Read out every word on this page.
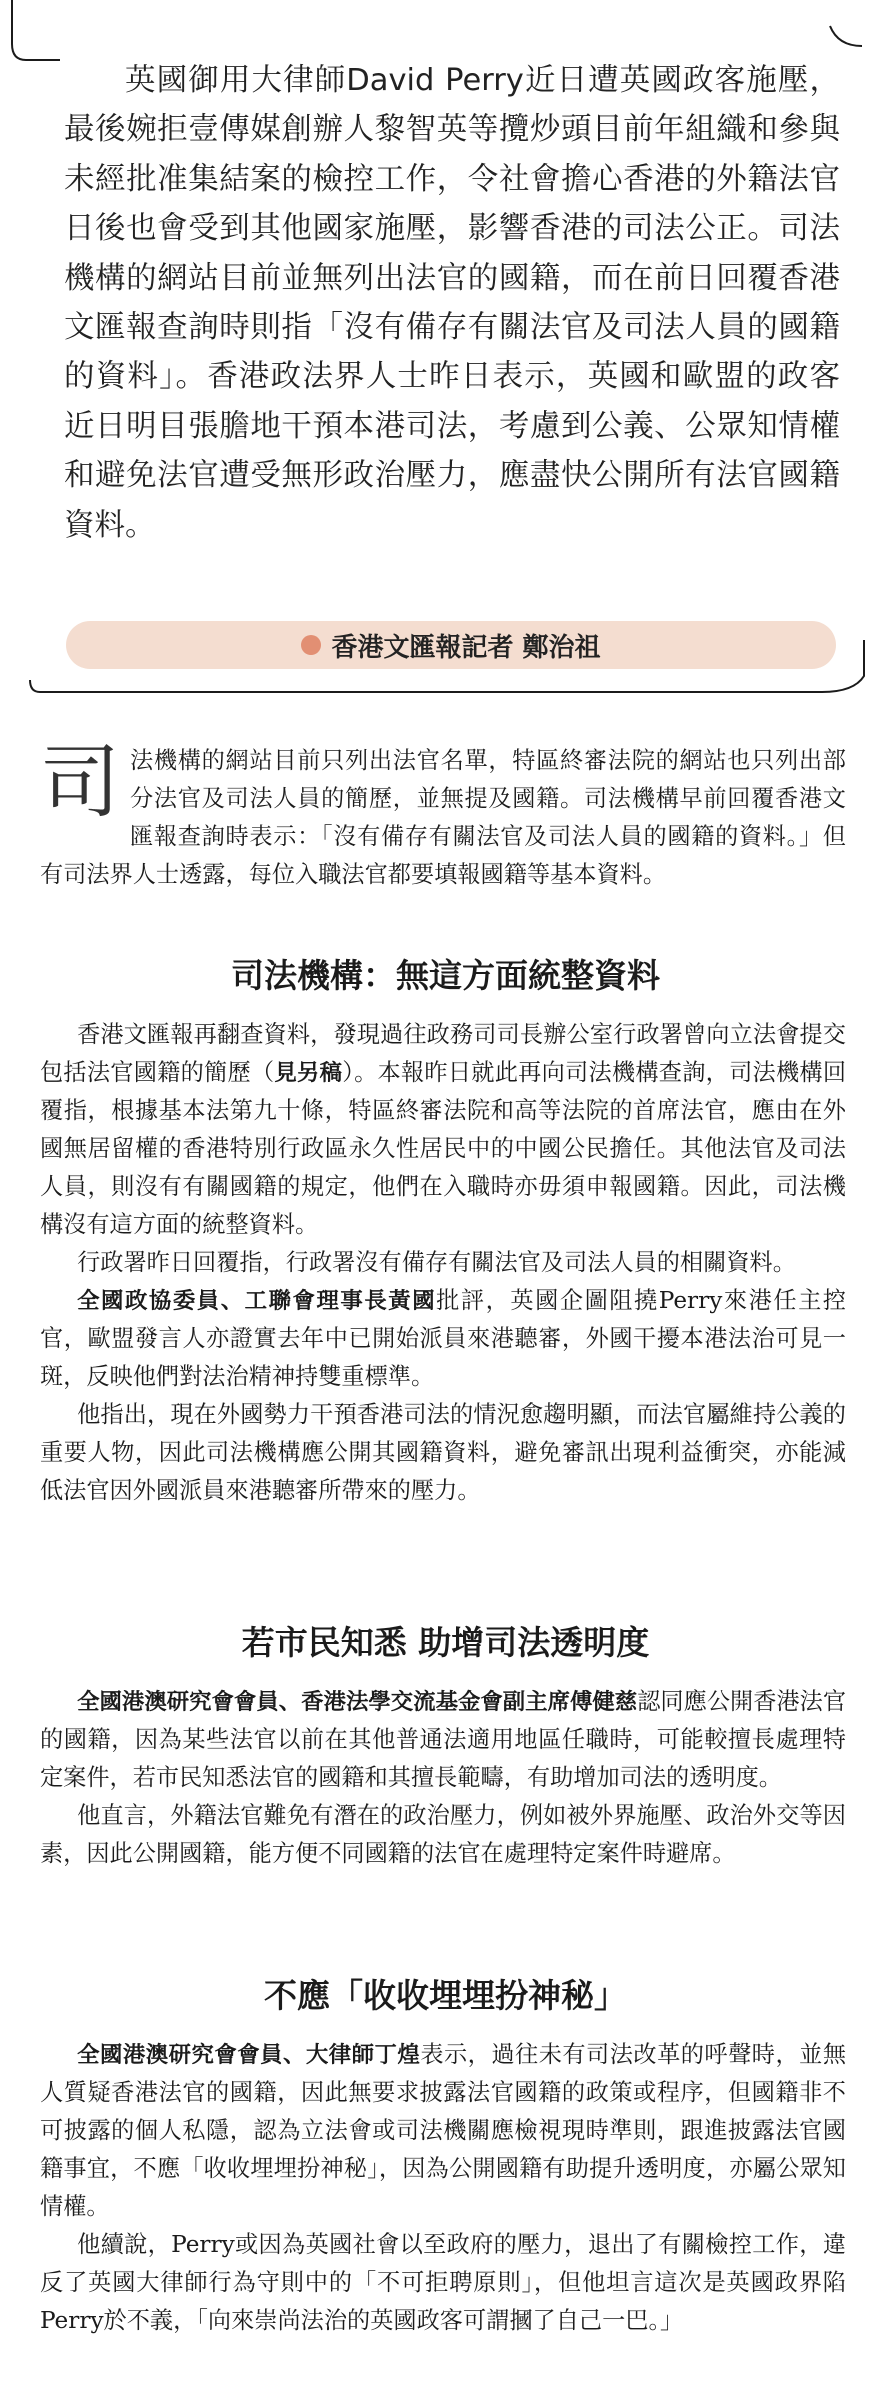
英國御用大律師David Perry近日遭英國政客施壓，最後婉拒壹傳媒創辦人黎智英等攬炒頭目前年組織和參與未經批准集結案的檢控工作，令社會擔心香港的外籍法官日後也會受到其他國家施壓，影響香港的司法公正。司法機構的網站目前並無列出法官的國籍，而在前日回覆香港文匯報查詢時則指「沒有備存有關法官及司法人員的國籍的資料」。香港政法界人士昨日表示，英國和歐盟的政客近日明目張膽地干預本港司法，考慮到公義、公眾知情權和避免法官遭受無形政治壓力，應盡快公開所有法官國籍資料。

香港文匯報記者 鄭治祖

司法機構的網站目前只列出法官名單，特區終審法院的網站也只列出部分法官及司法人員的簡歷，並無提及國籍。司法機構早前回覆香港文匯報查詢時表示：「沒有備存有關法官及司法人員的國籍的資料。」但有司法界人士透露，每位入職法官都要填報國籍等基本資料。

司法機構：無這方面統整資料

香港文匯報再翻查資料，發現過往政務司司長辦公室行政署曾向立法會提交包括法官國籍的簡歷（見另稿）。本報昨日就此再向司法機構查詢，司法機構回覆指，根據基本法第九十條，特區終審法院和高等法院的首席法官，應由在外國無居留權的香港特別行政區永久性居民中的中國公民擔任。其他法官及司法人員，則沒有有關國籍的規定，他們在入職時亦毋須申報國籍。因此，司法機構沒有這方面的統整資料。

行政署昨日回覆指，行政署沒有備存有關法官及司法人員的相關資料。

全國政協委員、工聯會理事長黃國批評，英國企圖阻撓Perry來港任主控官，歐盟發言人亦證實去年中已開始派員來港聽審，外國干擾本港法治可見一斑，反映他們對法治精神持雙重標準。

他指出，現在外國勢力干預香港司法的情況愈趨明顯，而法官屬維持公義的重要人物，因此司法機構應公開其國籍資料，避免審訊出現利益衝突，亦能減低法官因外國派員來港聽審所帶來的壓力。

若市民知悉 助增司法透明度

全國港澳研究會會員、香港法學交流基金會副主席傅健慈認同應公開香港法官的國籍，因為某些法官以前在其他普通法適用地區任職時，可能較擅長處理特定案件，若市民知悉法官的國籍和其擅長範疇，有助增加司法的透明度。

他直言，外籍法官難免有潛在的政治壓力，例如被外界施壓、政治外交等因素，因此公開國籍，能方便不同國籍的法官在處理特定案件時避席。

不應「收收埋埋扮神秘」

全國港澳研究會會員、大律師丁煌表示，過往未有司法改革的呼聲時，並無人質疑香港法官的國籍，因此無要求披露法官國籍的政策或程序，但國籍非不可披露的個人私隱，認為立法會或司法機關應檢視現時準則，跟進披露法官國籍事宜，不應「收收埋埋扮神秘」，因為公開國籍有助提升透明度，亦屬公眾知情權。

他續說，Perry或因為英國社會以至政府的壓力，退出了有關檢控工作，違反了英國大律師行為守則中的「不可拒聘原則」，但他坦言這次是英國政界陷Perry於不義，「向來崇尚法治的英國政客可謂摑了自己一巴。」
